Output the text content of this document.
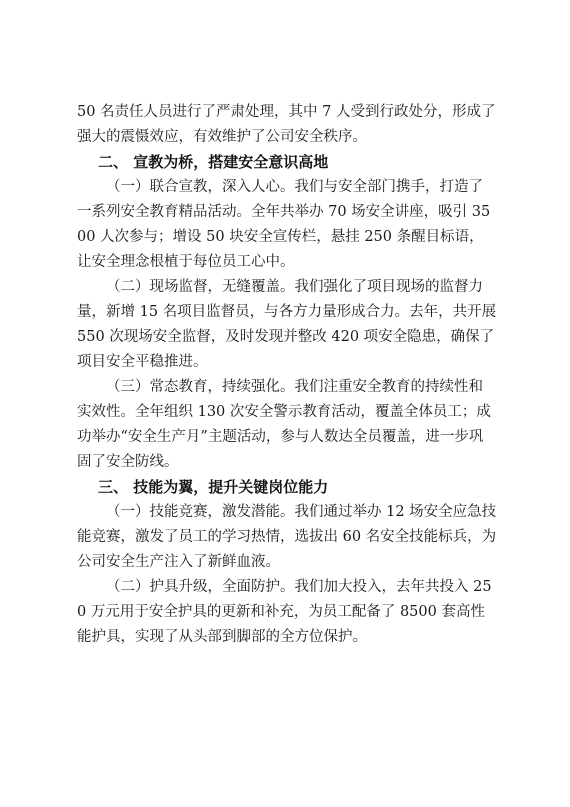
50 名责任人员进行了严肃处理，其中 7 人受到行政处分，形成了强大的震慑效应，有效维护了公司安全秩序。

二、 宣教为桥，搭建安全意识高地

（一）联合宣教，深入人心。我们与安全部门携手，打造了一系列安全教育精品活动。全年共举办 70 场安全讲座，吸引 3500 人次参与；增设 50 块安全宣传栏，悬挂 250 条醒目标语，让安全理念根植于每位员工心中。

（二）现场监督，无缝覆盖。我们强化了项目现场的监督力量，新增 15 名项目监督员，与各方力量形成合力。去年，共开展 550 次现场安全监督，及时发现并整改 420 项安全隐患，确保了项目安全平稳推进。

（三）常态教育，持续强化。我们注重安全教育的持续性和实效性。全年组织 130 次安全警示教育活动，覆盖全体员工；成功举办“安全生产月”主题活动，参与人数达全员覆盖，进一步巩固了安全防线。

三、 技能为翼，提升关键岗位能力

（一）技能竞赛，激发潜能。我们通过举办 12 场安全应急技能竞赛，激发了员工的学习热情，选拔出 60 名安全技能标兵，为公司安全生产注入了新鲜血液。

（二）护具升级，全面防护。我们加大投入，去年共投入 250 万元用于安全护具的更新和补充，为员工配备了 8500 套高性能护具，实现了从头部到脚部的全方位保护。
